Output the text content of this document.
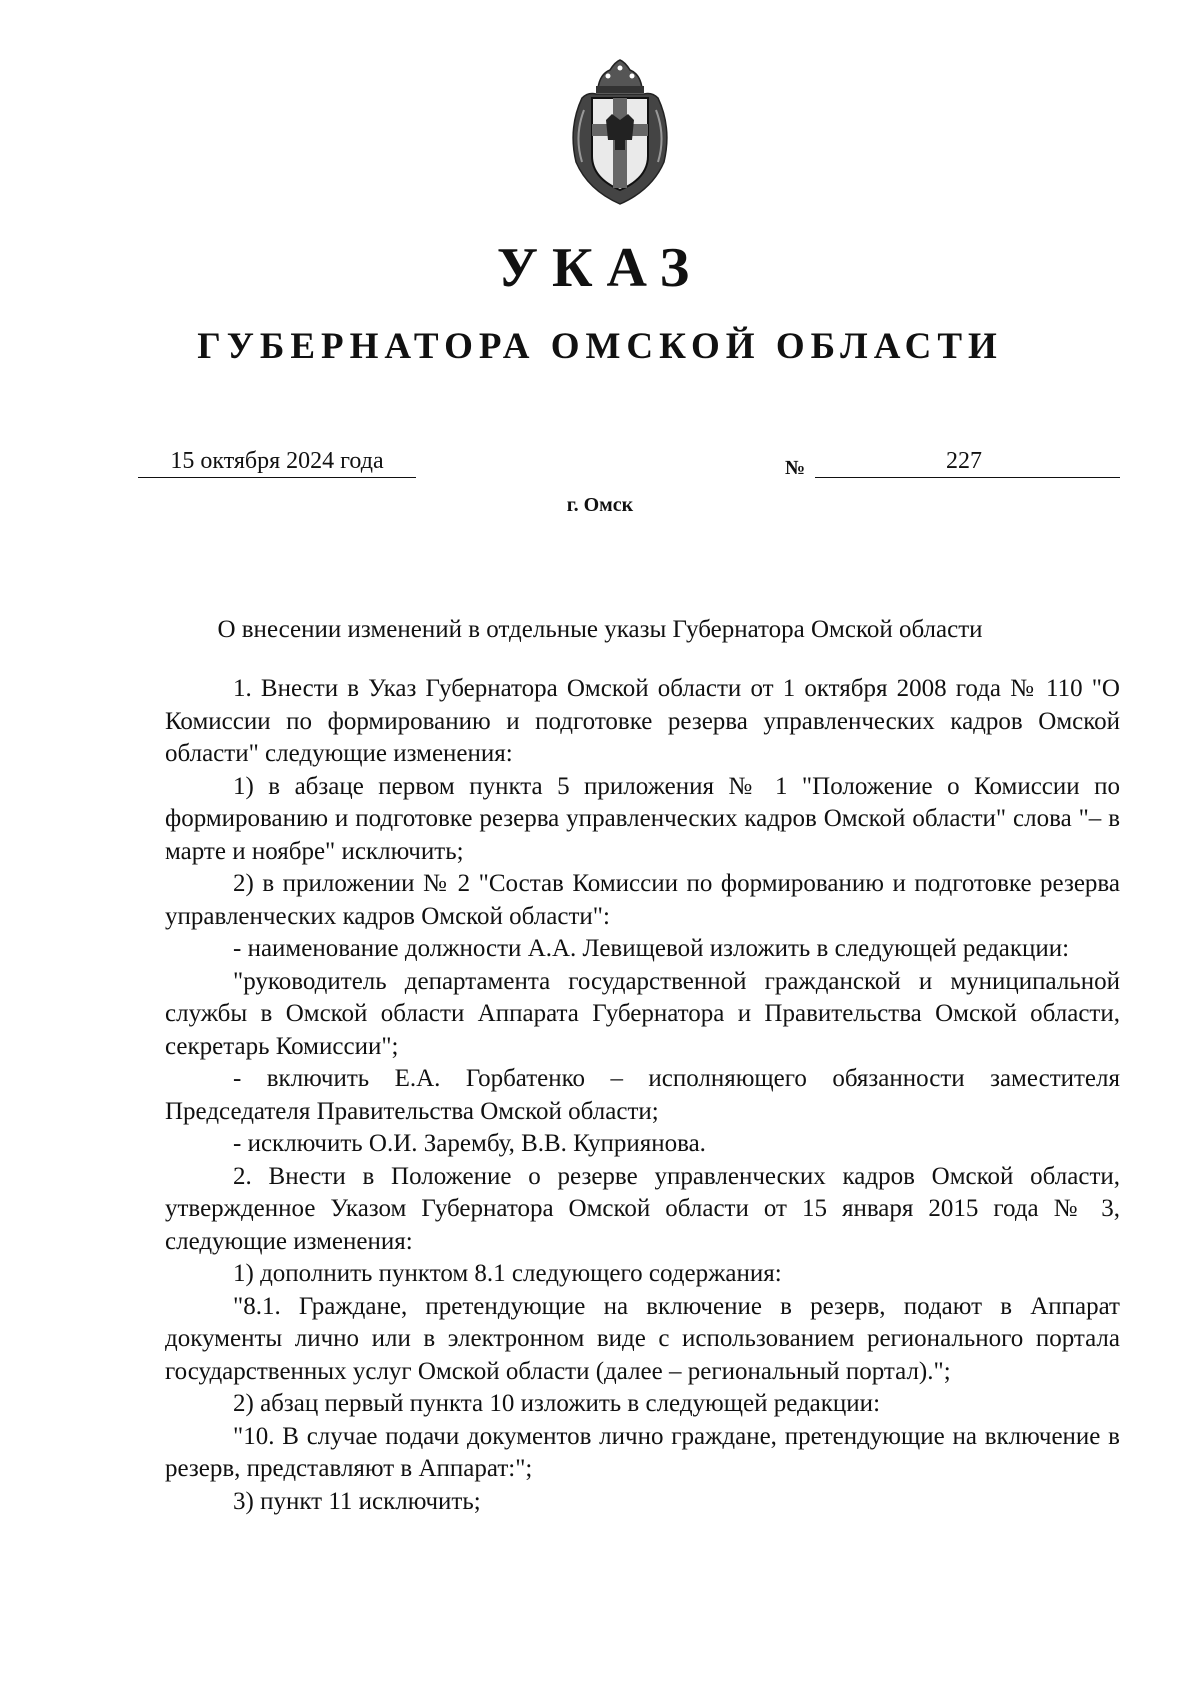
УКАЗ
ГУБЕРНАТОРА ОМСКОЙ ОБЛАСТИ
15 октября 2024 года	№	227
г. Омск
О внесении изменений в отдельные указы Губернатора Омской области

1. Внести в Указ Губернатора Омской области от 1 октября 2008 года № 110 "О Комиссии по формированию и подготовке резерва управленческих кадров Омской области" следующие изменения:

1) в абзаце первом пункта 5 приложения № 1 "Положение о Комиссии по формированию и подготовке резерва управленческих кадров Омской области" слова "– в марте и ноябре" исключить;

2) в приложении № 2 "Состав Комиссии по формированию и подготовке резерва управленческих кадров Омской области":

- наименование должности А.А. Левищевой изложить в следующей редакции:

"руководитель департамента государственной гражданской и муниципальной службы в Омской области Аппарата Губернатора и Правительства Омской области, секретарь Комиссии";

- включить Е.А. Горбатенко – исполняющего обязанности заместителя Председателя Правительства Омской области;

- исключить О.И. Зарембу, В.В. Куприянова.

2. Внести в Положение о резерве управленческих кадров Омской области, утвержденное Указом Губернатора Омской области от 15 января 2015 года № 3, следующие изменения:

1) дополнить пунктом 8.1 следующего содержания:

"8.1. Граждане, претендующие на включение в резерв, подают в Аппарат документы лично или в электронном виде с использованием регионального портала государственных услуг Омской области (далее – региональный портал).";

2) абзац первый пункта 10 изложить в следующей редакции:

"10. В случае подачи документов лично граждане, претендующие на включение в резерв, представляют в Аппарат:";

3) пункт 11 исключить;
